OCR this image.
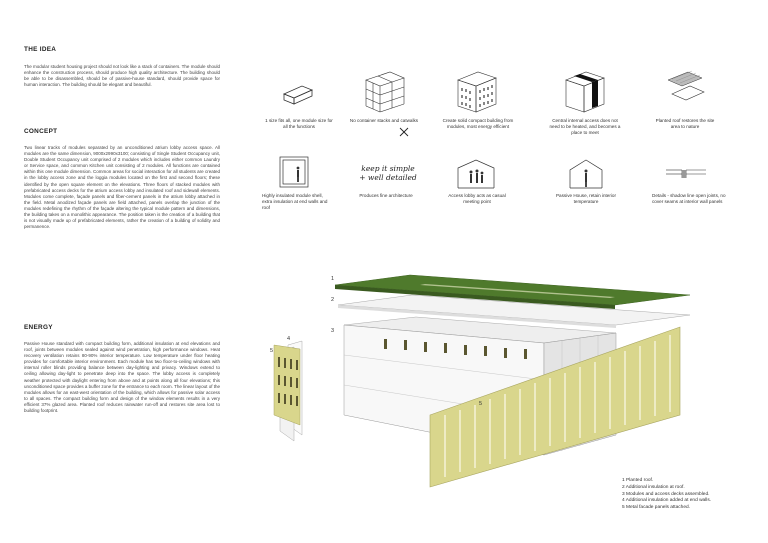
THE IDEA

The modular student housing project should not look like a stack of containers. The module should enhance the construction process, should produce high quality architecture. The building should be able to be disassembled, should be of passive-house standard, should provide space for human interaction. The building should be elegant and beautiful.

CONCEPT

Two linear tracks of modules separated by an unconditioned atrium lobby access space. All modules are the same dimension, 9000x2990x3100; consisting of Single Student Occupancy unit, Double Student Occupancy unit comprised of 2 modules which includes either common Laundry or Service space, and common Kitchen unit consisting of 2 modules. All functions are contained within this one module dimension. Common areas for social interaction for all students are created in the lobby access zone and the loggia modules located on the first and second floors; these identified by the open square element on the elevations. Three floors of stacked modules with prefabricated access decks for the atrium access lobby and insulated roof and sidewall elements. Modules come complete, façade panels and fiber-cement panels in the atrium lobby attached in the field. Metal anodized façade panels are field attached, panels overlap the junction of the modules redefining the rhythm of the façade altering the typical module pattern and dimensions, the building takes on a monolithic appearance. The position taken is the creation of a building that is not visually made up of prefabricated elements, rather the creation of a building of solidity and permanence.

ENERGY

Passive House standard with compact building form, additional insulation at end elevations and roof, joints between modules sealed against wind penetration, high performance windows. Heat recovery ventilation retains 80-90% interior temperature. Low temperature under floor heating provides for comfortable interior environment. Each module has two floor-to-ceiling windows with internal roller blinds providing balance between day-lighting and privacy. Windows extend to ceiling allowing day-light to penetrate deep into the space. The lobby access is completely weather protected with daylight entering from above and at points along all four elevations; this unconditioned space provides a buffer zone for the entrance to each room. The linear layout of the modules allows for an east-west orientation of the building, which allows for passive solar access to all spaces. The compact building form and design of the window elements results in a very efficient 37% glazed area. Planted roof reduces rainwater run-off and restores site area lost to building footprint.

1 size fits all, one module size for all the functions

No container stacks and catwalks	Create solid compact building from modules, most energy efficient

Central internal access does not need to be heated, and becomes a place to meet

Planted roof restores the site area to nature

Highly insulated module shell, extra insulation at end walls and roof

keep it simple
+ well detailed

Produces fine architecture	Access lobby acts as casual meeting point

Passive House, retain interior temperature

Details - shadow line open joints, no cover seams at interior wall panels

1
2
3
4
5
5
1 Planted roof.
2 Additional insulation at roof.
3 Modules and access decks assembled.
4 Additional insulation added at end walls.
5 Metal facade panels attached.
